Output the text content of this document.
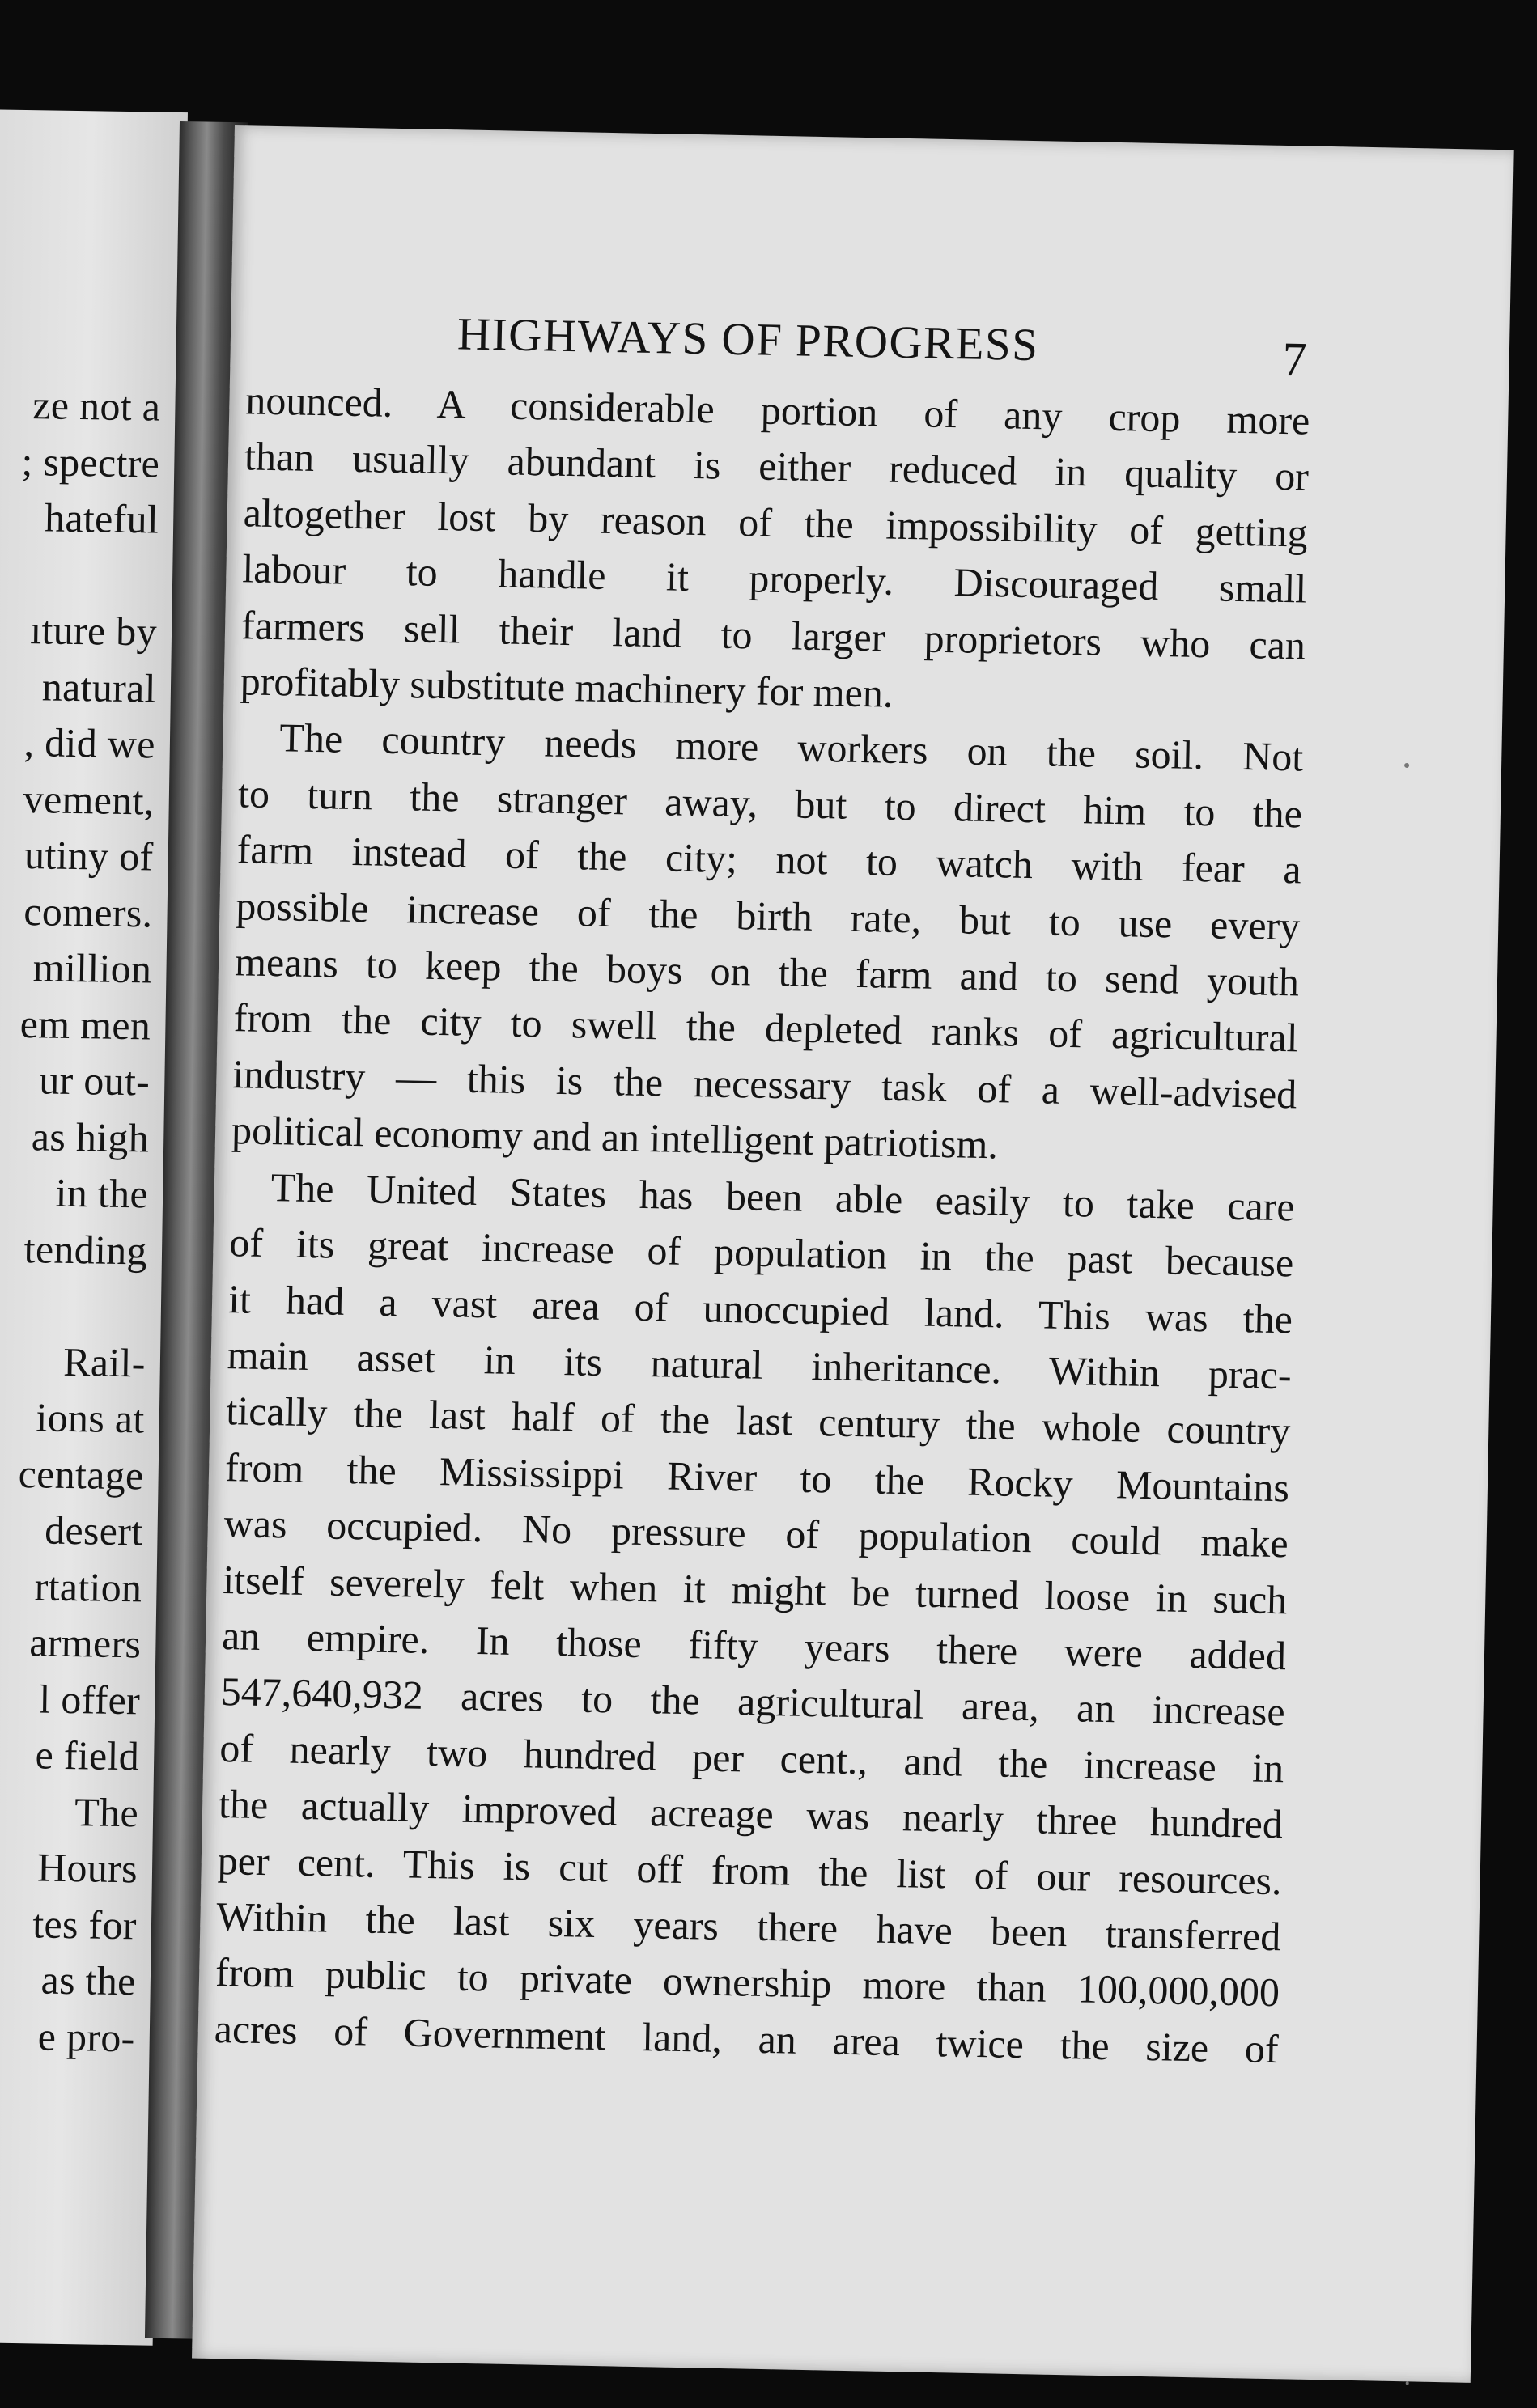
ze not a
; spectre
hateful
ıture by
natural
, did we
vement,
utiny of
comers.
million
em men
ur out-
as high
in the
tending
Rail-
ions at
centage
desert
rtation
armers
l offer
e field
The
Hours
tes for
as the
e pro-
HIGHWAYS OF PROGRESS	7
nounced. A considerable portion of any crop more
than usually abundant is either reduced in quality or
altogether lost by reason of the impossibility of getting
labour to handle it properly. Discouraged small
farmers sell their land to larger proprietors who can
profitably substitute machinery for men.
The country needs more workers on the soil. Not
to turn the stranger away, but to direct him to the
farm instead of the city; not to watch with fear a
possible increase of the birth rate, but to use every
means to keep the boys on the farm and to send youth
from the city to swell the depleted ranks of agricultural
industry — this is the necessary task of a well-advised
political economy and an intelligent patriotism.
The United States has been able easily to take care
of its great increase of population in the past because
it had a vast area of unoccupied land. This was the
main asset in its natural inheritance. Within prac-
tically the last half of the last century the whole country
from the Mississippi River to the Rocky Mountains
was occupied. No pressure of population could make
itself severely felt when it might be turned loose in such
an empire. In those fifty years there were added
547,640,932 acres to the agricultural area, an increase
of nearly two hundred per cent., and the increase in
the actually improved acreage was nearly three hundred
per cent. This is cut off from the list of our resources.
Within the last six years there have been transferred
from public to private ownership more than 100,000,000
acres of Government land, an area twice the size of
